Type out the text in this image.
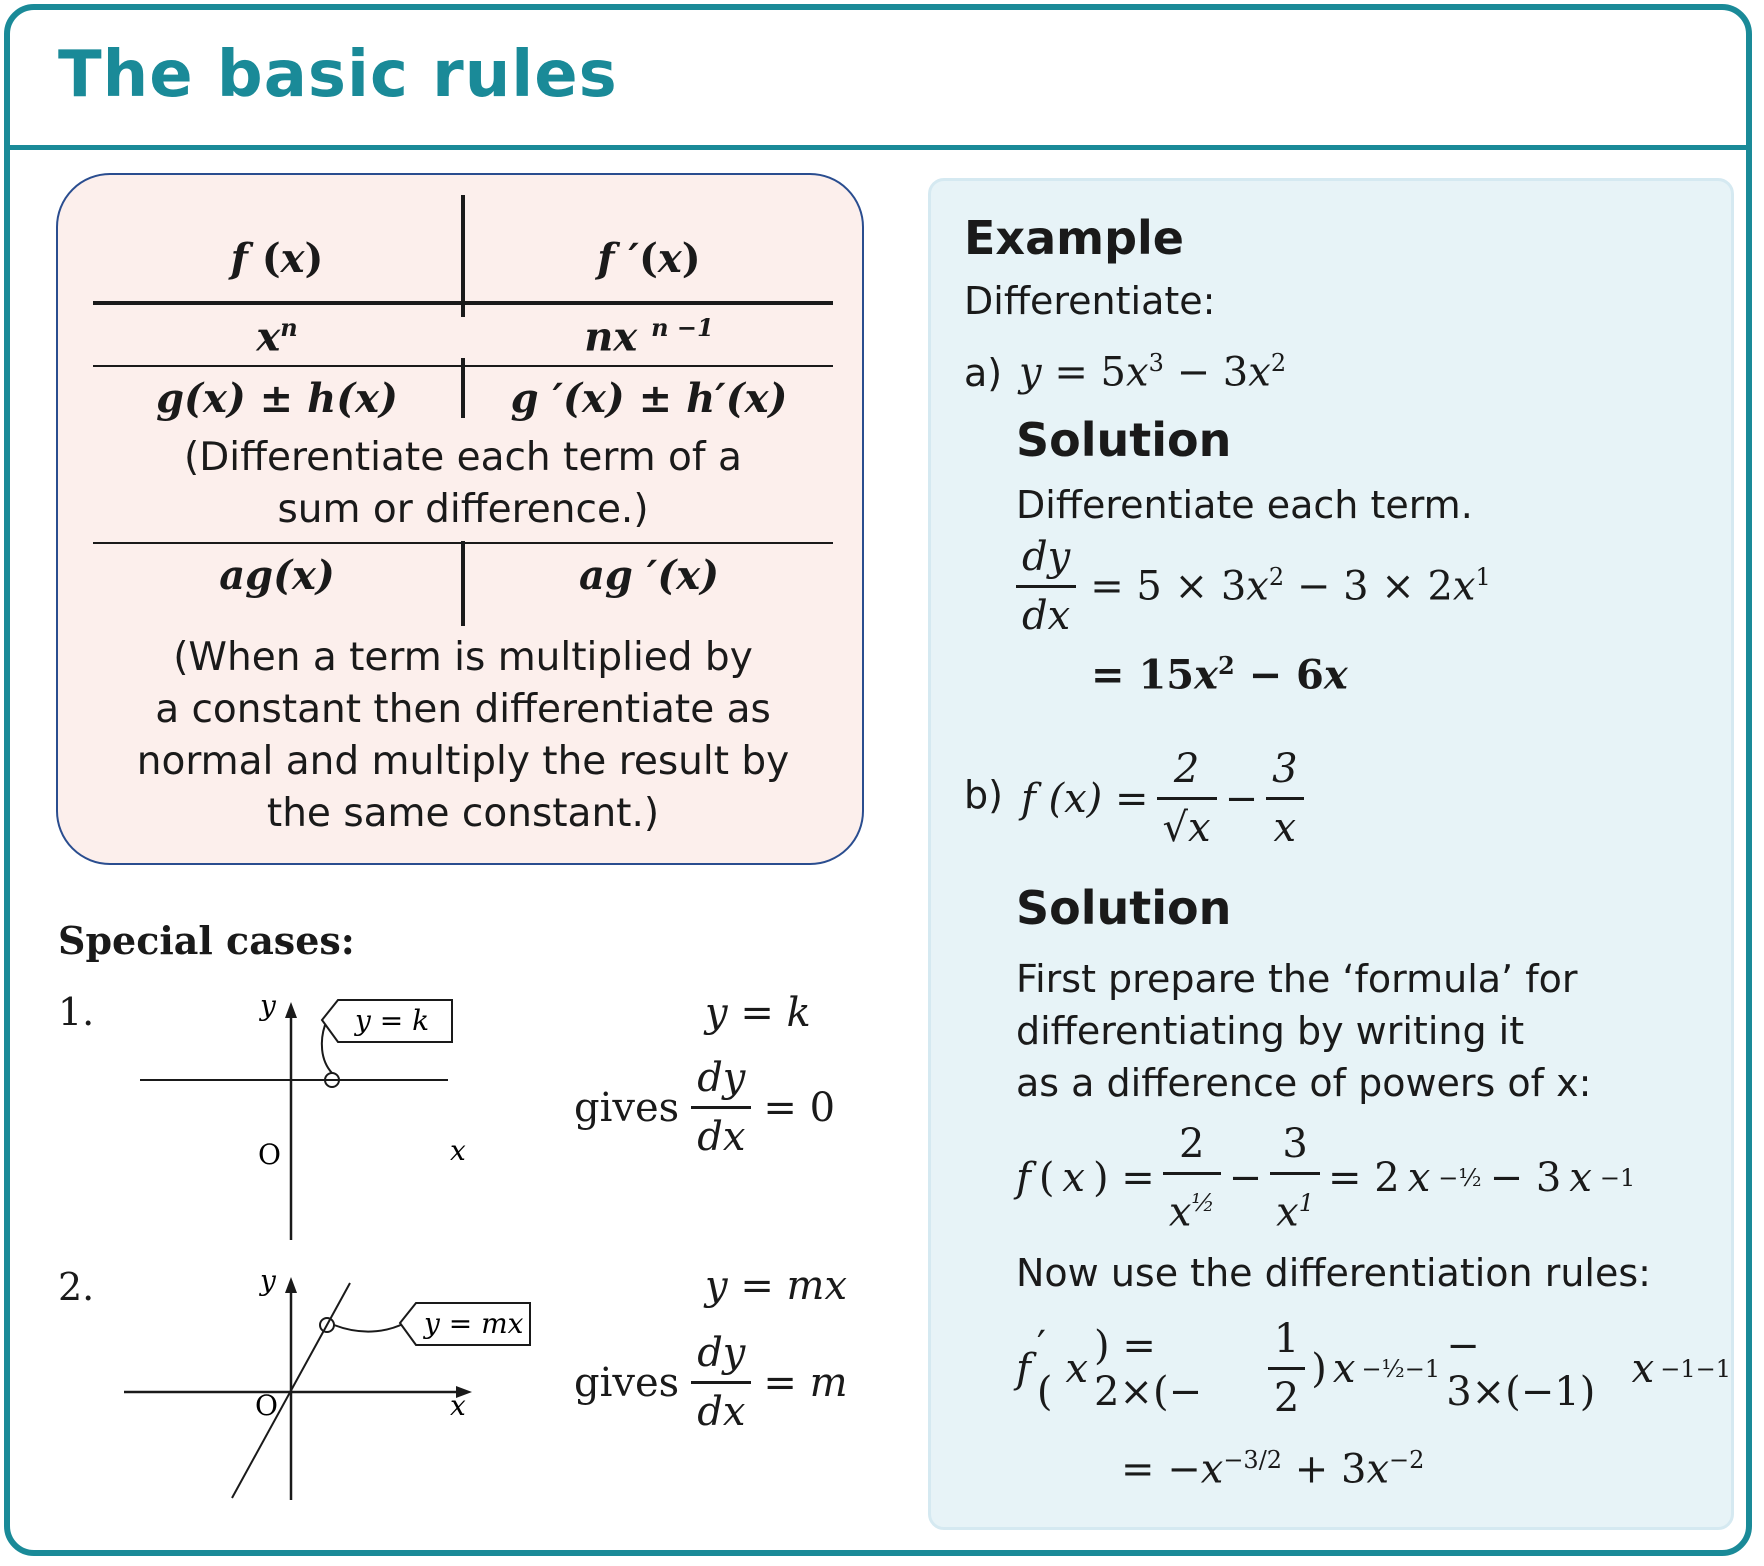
The basic rules
f (x)	f ′(x)
$x^n$	nx $^{n -1}$
g(x) ± h(x)	g ′(x) ± h′(x)
(Differentiate each term of a
sum or difference.)
ag(x)	ag ′(x)
(When a term is multiplied by
a constant then differentiate as
normal and multiply the result by
the same constant.)
Special cases:
1.	y = k
y
x
O
y = k
gives $\frac{dy}{dx} = 0$
2.
y = mx
y
x
O
y = mx
gives $\frac{dy}{dx} = m$
Example
Differentiate:
a) $y = 5x^3 - 3x^2$
Solution
Differentiate each term.
$\frac{dy}{dx} = 5 \times 3x^2 - 3 \times 2x^1$
= $15x^2 - 6x$
b) f $(x) = \frac{2}{√x} - \frac{3}{x}$
Solution
First prepare the ‘formula’ for
differentiating by writing it
as a difference of powers of x:
f ( x ) = $\frac{2}{x^{\frac{1}{2}}} - \frac{3}{x^1} = 2$ x −½ − 3 x −1
Now use the differentiation rules:
f ′( x ) = $2\times(- \frac{1}{2}$ ) x −½−1 − 3×(−1) x −1−1
= $-x^{-3/2} + 3x^{-2}$
